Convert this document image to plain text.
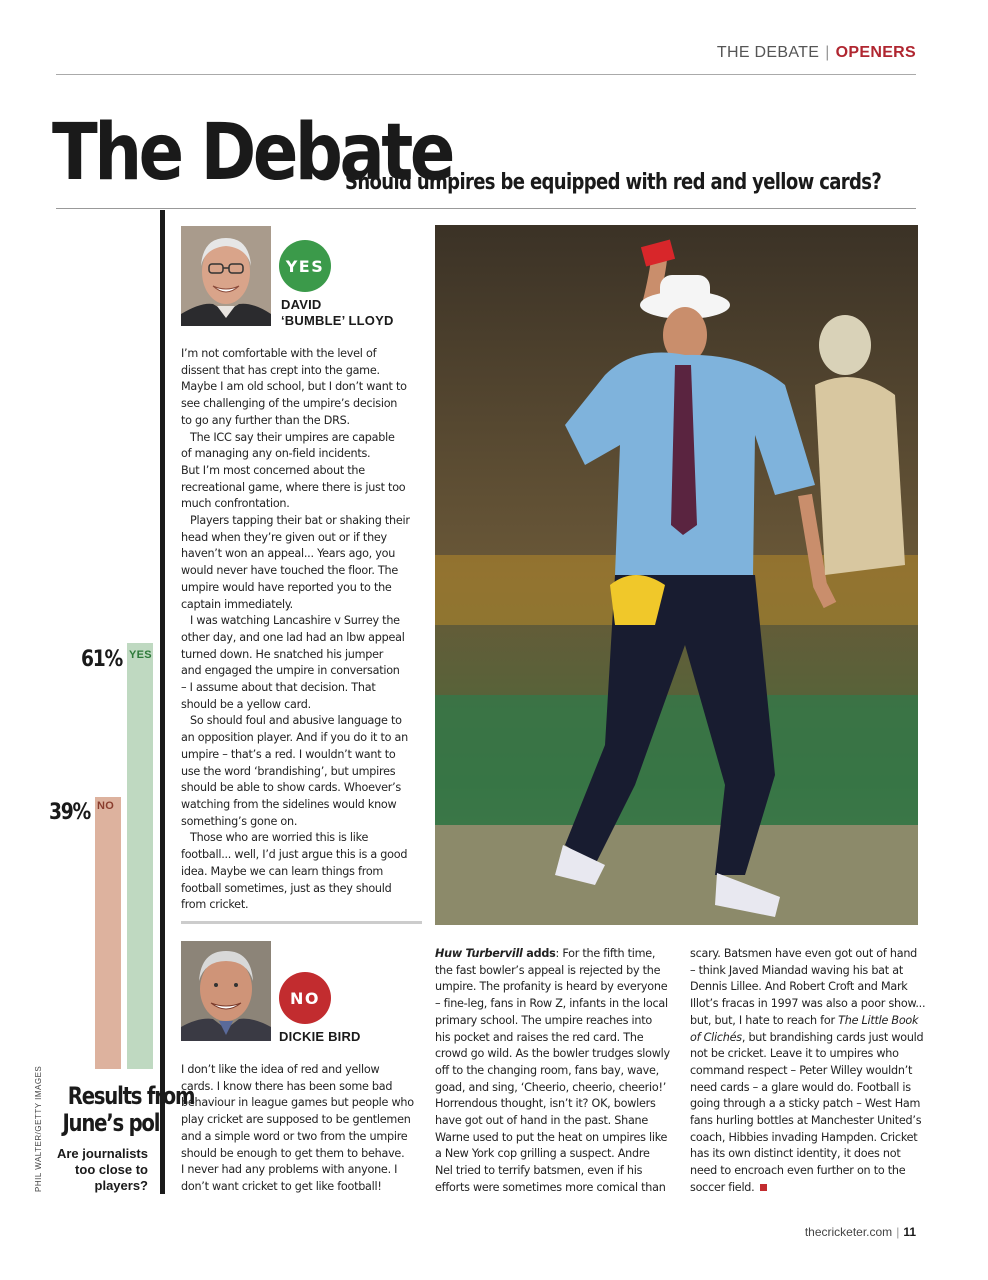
THE DEBATE | OPENERS
The Debate
Should umpires be equipped with red and yellow cards?
61% YES
39% NO
Results from
June’s poll
Are journalists
too close to
players?
PHIL WALTER/GETTY IMAGES
YES
DAVID
‘BUMBLE’ LLOYD

I’m not comfortable with the level of

dissent that has crept into the game.

Maybe I am old school, but I don’t want to

see challenging of the umpire’s decision

to go any further than the DRS.

The ICC say their umpires are capable

of managing any on-field incidents.

But I’m most concerned about the

recreational game, where there is just too

much confrontation.

Players tapping their bat or shaking their

head when they’re given out or if they

haven’t won an appeal... Years ago, you

would never have touched the floor. The

umpire would have reported you to the

captain immediately.

I was watching Lancashire v Surrey the

other day, and one lad had an lbw appeal

turned down. He snatched his jumper

and engaged the umpire in conversation

– I assume about that decision. That

should be a yellow card.

So should foul and abusive language to

an opposition player. And if you do it to an

umpire – that’s a red. I wouldn’t want to

use the word ‘brandishing’, but umpires

should be able to show cards. Whoever’s

watching from the sidelines would know

something’s gone on.

Those who are worried this is like

football... well, I’d just argue this is a good

idea. Maybe we can learn things from

football sometimes, just as they should

from cricket.

NO
DICKIE BIRD

I don’t like the idea of red and yellow

cards. I know there has been some bad

behaviour in league games but people who

play cricket are supposed to be gentlemen

and a simple word or two from the umpire

should be enough to get them to behave.

I never had any problems with anyone. I

don’t want cricket to get like football!

Huw Turbervill adds: For the fifth time,

the fast bowler’s appeal is rejected by the

umpire. The profanity is heard by everyone

– fine-leg, fans in Row Z, infants in the local

primary school. The umpire reaches into

his pocket and raises the red card. The

crowd go wild. As the bowler trudges slowly

off to the changing room, fans bay, wave,

goad, and sing, ‘Cheerio, cheerio, cheerio!’

Horrendous thought, isn’t it? OK, bowlers

have got out of hand in the past. Shane

Warne used to put the heat on umpires like

a New York cop grilling a suspect. Andre

Nel tried to terrify batsmen, even if his

efforts were sometimes more comical than

scary. Batsmen have even got out of hand

– think Javed Miandad waving his bat at

Dennis Lillee. And Robert Croft and Mark

Illot’s fracas in 1997 was also a poor show...

but, but, I hate to reach for The Little Book

of Clichés, but brandishing cards just would

not be cricket. Leave it to umpires who

command respect – Peter Willey wouldn’t

need cards – a glare would do. Football is

going through a a sticky patch – West Ham

fans hurling bottles at Manchester United’s

coach, Hibbies invading Hampden. Cricket

has its own distinct identity, it does not

need to encroach even further on to the

soccer field.

thecricketer.com | 11
